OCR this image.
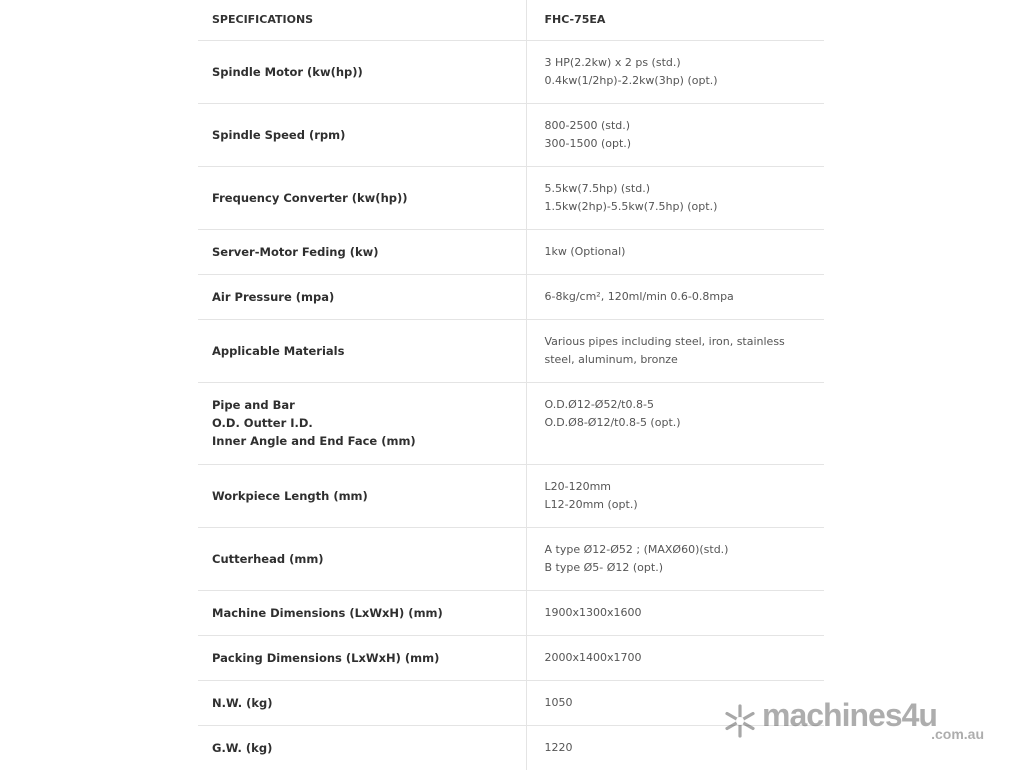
SPECIFICATIONS	FHC-75EA
Spindle Motor (kw(hp))	3 HP(2.2kw) x 2 ps (std.)
0.4kw(1/2hp)-2.2kw(3hp) (opt.)

Spindle Speed (rpm)	800-2500 (std.)
300-1500 (opt.)

Frequency Converter (kw(hp))	5.5kw(7.5hp) (std.)
1.5kw(2hp)-5.5kw(7.5hp) (opt.)

Server-Motor Feding (kw)	1kw (Optional)

Air Pressure (mpa)	6-8kg/cm², 120ml/min 0.6-0.8mpa

Applicable Materials	Various pipes including steel, iron, stainless steel, aluminum, bronze

Pipe and Bar
O.D. Outter I.D.
Inner Angle and End Face (mm)	O.D.Ø12-Ø52/t0.8-5
O.D.Ø8-Ø12/t0.8-5 (opt.)

Workpiece Length (mm)	L20-120mm
L12-20mm (opt.)

Cutterhead (mm)	A type Ø12-Ø52 ; (MAXØ60)(std.)
B type Ø5- Ø12 (opt.)

Machine Dimensions (LxWxH) (mm)	1900x1300x1600

Packing Dimensions (LxWxH) (mm)	2000x1400x1700

N.W. (kg)	1050

G.W. (kg)	1220
machines4u
.com.au
